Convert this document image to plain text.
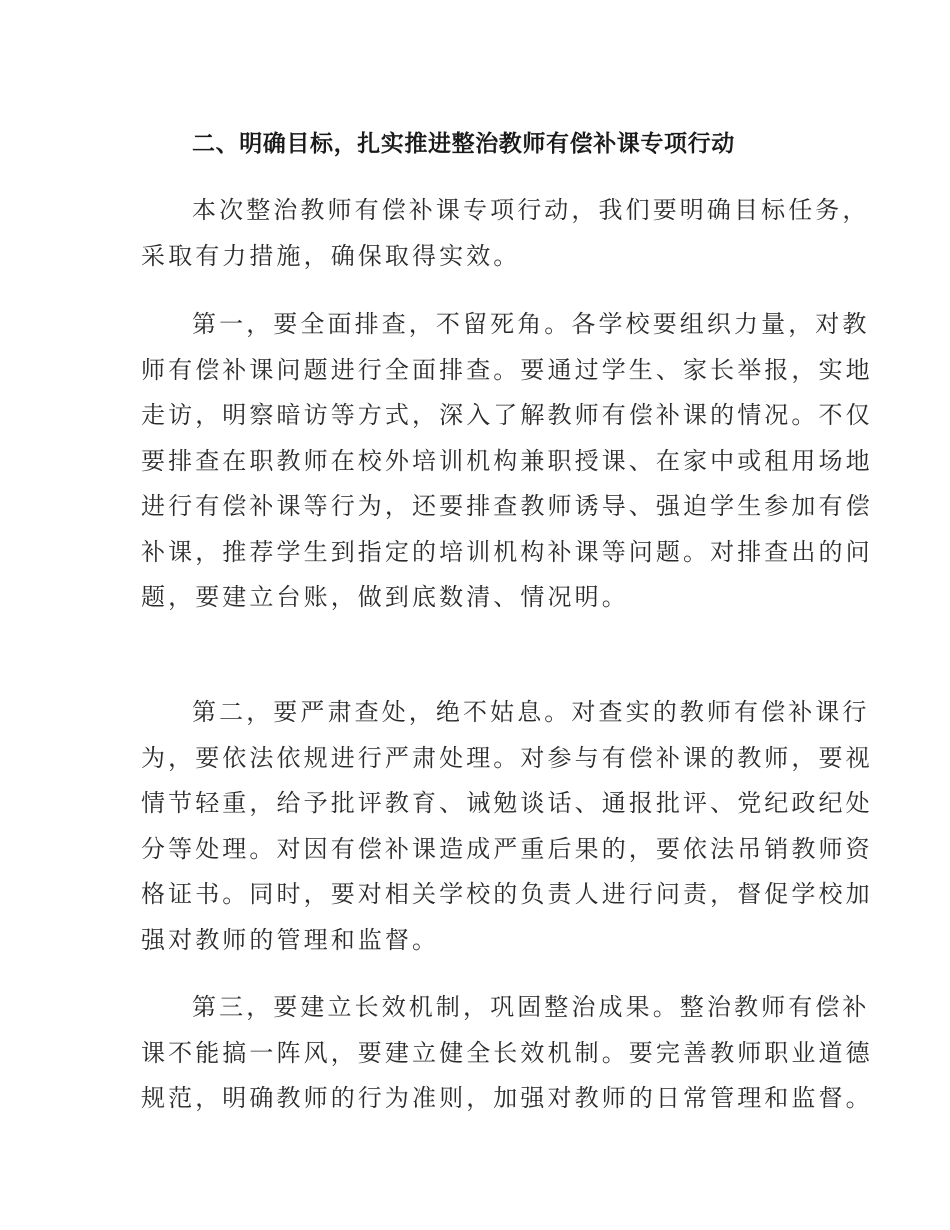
二、明确目标，扎实推进整治教师有偿补课专项行动
本次整治教师有偿补课专项行动，我们要明确目标任务，
采取有力措施，确保取得实效。
第一，要全面排查，不留死角。各学校要组织力量，对教
师有偿补课问题进行全面排查。要通过学生、家长举报，实地
走访，明察暗访等方式，深入了解教师有偿补课的情况。不仅
要排查在职教师在校外培训机构兼职授课、在家中或租用场地
进行有偿补课等行为，还要排查教师诱导、强迫学生参加有偿
补课，推荐学生到指定的培训机构补课等问题。对排查出的问
题，要建立台账，做到底数清、情况明。
第二，要严肃查处，绝不姑息。对查实的教师有偿补课行
为，要依法依规进行严肃处理。对参与有偿补课的教师，要视
情节轻重，给予批评教育、诫勉谈话、通报批评、党纪政纪处
分等处理。对因有偿补课造成严重后果的，要依法吊销教师资
格证书。同时，要对相关学校的负责人进行问责，督促学校加
强对教师的管理和监督。
第三，要建立长效机制，巩固整治成果。整治教师有偿补
课不能搞一阵风，要建立健全长效机制。要完善教师职业道德
规范，明确教师的行为准则，加强对教师的日常管理和监督。
